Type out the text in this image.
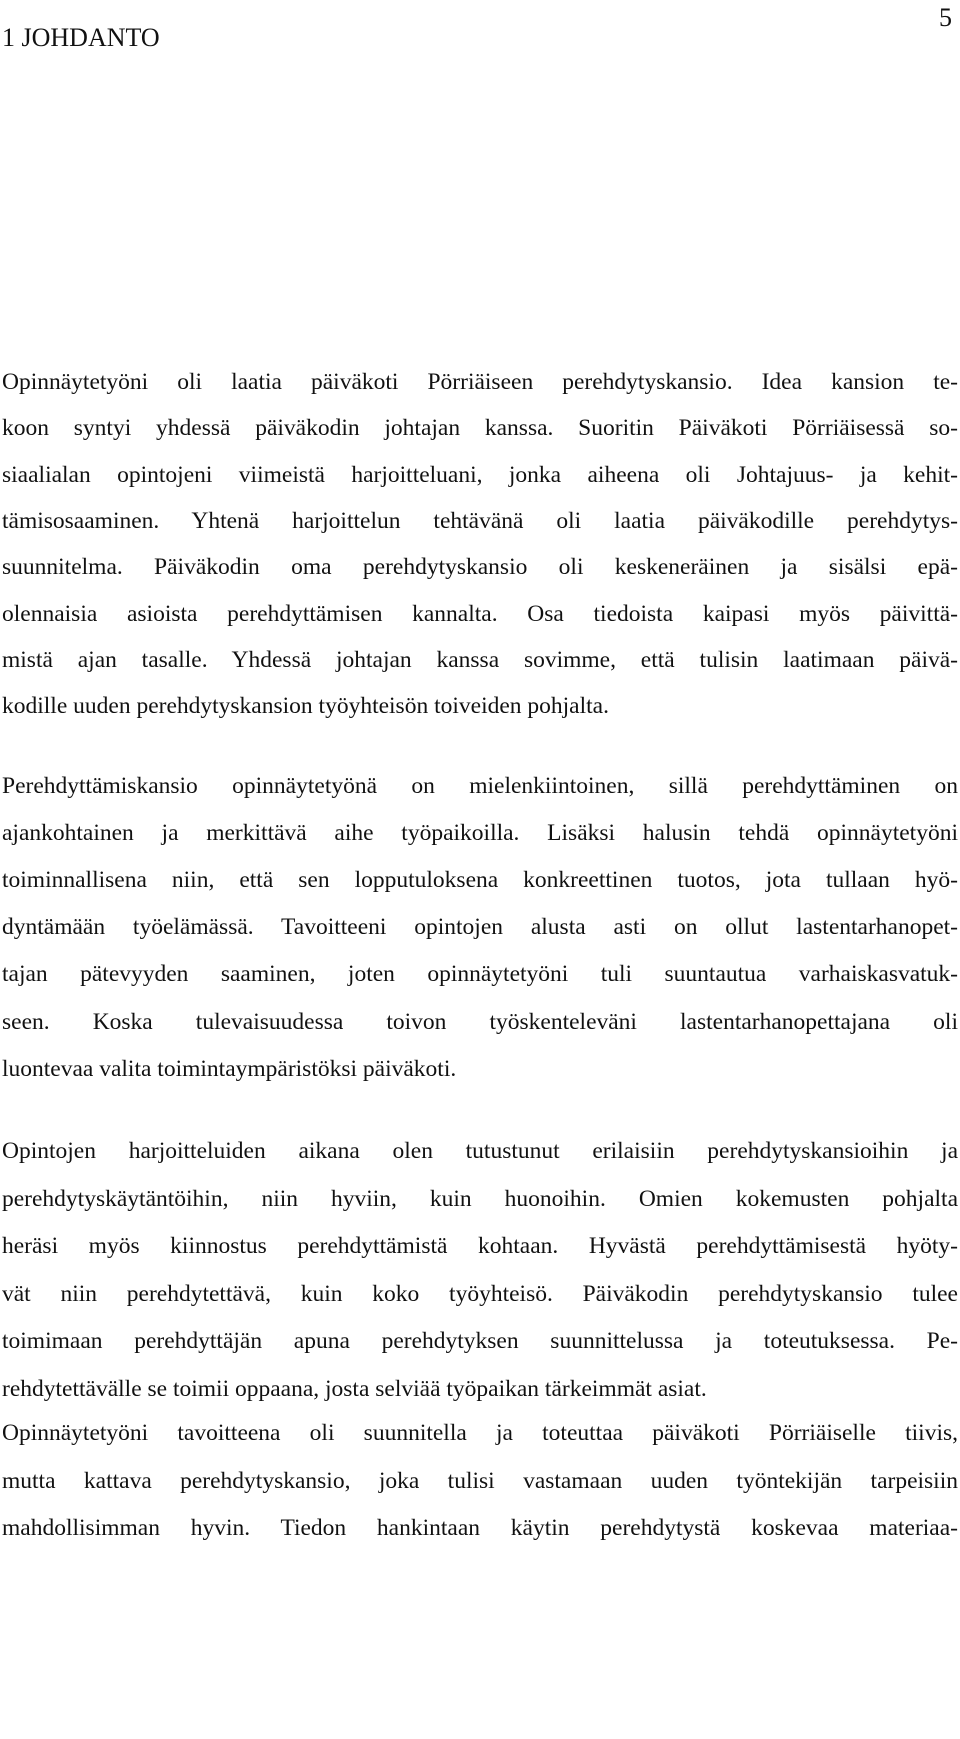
5
1 JOHDANTO
Opinnäytetyöni oli laatia päiväkoti Pörriäiseen perehdytyskansio. Idea kansion te-
koon syntyi yhdessä päiväkodin johtajan kanssa. Suoritin Päiväkoti Pörriäisessä so-
siaalialan opintojeni viimeistä harjoitteluani, jonka aiheena oli Johtajuus- ja kehit-
tämisosaaminen. Yhtenä harjoittelun tehtävänä oli laatia päiväkodille perehdytys-
suunnitelma. Päiväkodin oma perehdytyskansio oli keskeneräinen ja sisälsi epä-
olennaisia asioista perehdyttämisen kannalta. Osa tiedoista kaipasi myös päivittä-
mistä ajan tasalle. Yhdessä johtajan kanssa sovimme, että tulisin laatimaan päivä-
kodille uuden perehdytyskansion työyhteisön toiveiden pohjalta.
Perehdyttämiskansio opinnäytetyönä on mielenkiintoinen, sillä perehdyttäminen on
ajankohtainen ja merkittävä aihe työpaikoilla. Lisäksi halusin tehdä opinnäytetyöni
toiminnallisena niin, että sen lopputuloksena konkreettinen tuotos, jota tullaan hyö-
dyntämään työelämässä. Tavoitteeni opintojen alusta asti on ollut lastentarhanopet-
tajan pätevyyden saaminen, joten opinnäytetyöni tuli suuntautua varhaiskasvatuk-
seen. Koska tulevaisuudessa toivon työskenteleväni lastentarhanopettajana oli
luontevaa valita toimintaympäristöksi päiväkoti.
Opintojen harjoitteluiden aikana olen tutustunut erilaisiin perehdytyskansioihin ja
perehdytyskäytäntöihin, niin hyviin, kuin huonoihin. Omien kokemusten pohjalta
heräsi myös kiinnostus perehdyttämistä kohtaan. Hyvästä perehdyttämisestä hyöty-
vät niin perehdytettävä, kuin koko työyhteisö. Päiväkodin perehdytyskansio tulee
toimimaan perehdyttäjän apuna perehdytyksen suunnittelussa ja toteutuksessa. Pe-
rehdytettävälle se toimii oppaana, josta selviää työpaikan tärkeimmät asiat.
Opinnäytetyöni tavoitteena oli suunnitella ja toteuttaa päiväkoti Pörriäiselle tiivis,
mutta kattava perehdytyskansio, joka tulisi vastamaan uuden työntekijän tarpeisiin
mahdollisimman hyvin. Tiedon hankintaan käytin perehdytystä koskevaa materiaa-
